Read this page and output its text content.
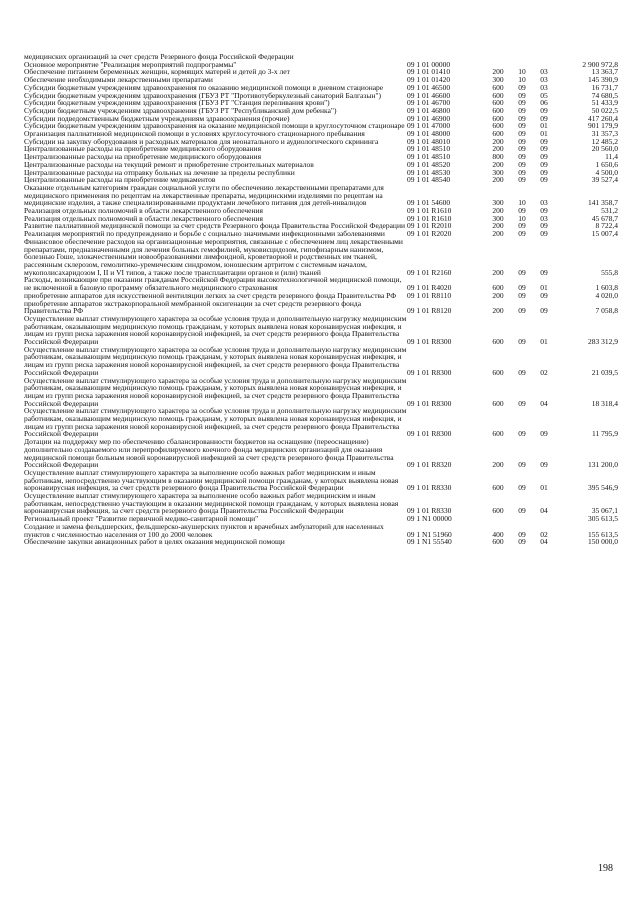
медицинских организаций за счет средств Резервного фонда Российской Федерации					
Основное мероприятие "Реализация мероприятий подпрограммы"	09 1 01 00000				2 900 972,8
Обеспечение питанием беременных женщин, кормящих матерей и детей до 3-х лет	09 1 01 01410	200	10	03	13 363,7
Обеспечение необходимыми лекарственными препаратами	09 1 01 01420	300	10	03	145 390,9
Субсидии бюджетным учреждениям здравоохранения по оказанию медицинской помощи в дневном стационаре	09 1 01 46500	600	09	03	16 731,7
Субсидии бюджетным учреждениям здравоохранения (ГБУЗ РТ "Противотуберкулезный санаторий Балгазын")	09 1 01 46600	600	09	05	74 680,5
Субсидии бюджетным учреждениям здравоохранения (ГБУЗ РТ "Станция переливания крови")	09 1 01 46700	600	09	06	51 433,9
Субсидии бюджетным учреждениям здравоохранения (ГБУЗ РТ "Республиканский дом ребенка")	09 1 01 46800	600	09	09	50 022,5
Субсидии подведомственным бюджетным учреждениям здравоохранения (прочие)	09 1 01 46900	600	09	09	417 260,4
Субсидии бюджетным учреждениям здравоохранения на оказание медицинской помощи в круглосуточном стационаре	09 1 01 47000	600	09	01	901 179,9
Организация паллиативной медицинской помощи в условиях круглосуточного стационарного пребывания	09 1 01 48000	600	09	01	31 357,3
Субсидии на закупку оборудования и расходных материалов для неонатального и аудиологического скрининга	09 1 01 48010	200	09	09	12 485,2
Централизованные расходы на приобретение медицинского оборудования	09 1 01 48510	200	09	09	20 560,0
Централизованные расходы на приобретение медицинского оборудования	09 1 01 48510	800	09	09	11,4
Централизованные расходы на текущий ремонт и приобретение строительных материалов	09 1 01 48520	200	09	09	1 650,6
Централизованные расходы на отправку больных на лечение за пределы республики	09 1 01 48530	300	09	09	4 500,0
Централизованные расходы на приобретение медикаментов	09 1 01 48540	200	09	09	39 527,4
Оказание отдельным категориям граждан социальной услуги по обеспечению лекарственными препаратами для медицинского применения по рецептам на лекарственные препараты, медицинскими изделиями по рецептам на медицинские изделия, а также специализированными продуктами лечебного питания для детей-инвалидов	09 1 01 54600	300	10	03	141 358,7
Реализация отдельных полномочий в области лекарственного обеспечения	09 1 01 R1610	200	09	09	531,2
Реализация отдельных полномочий в области лекарственного обеспечения	09 1 01 R1610	300	10	03	45 678,7
Развитие паллиативной медицинской помощи за счет средств Резервного фонда Правительства Российской Федерации	09 1 01 R2010	200	09	09	8 722,4
Реализация мероприятий по предупреждению и борьбе с социально значимыми инфекционными заболеваниями	09 1 01 R2020	200	09	09	15 007,4
Финансовое обеспечение расходов на организационные мероприятия, связанные с обеспечением лиц лекарственными препаратами, предназначенными для лечения больных гемофилией, муковисцидозом, гипофизарным нанизмом, болезнью Гоше, злокачественными новообразованиями лимфоидной, кроветворной и родственных им тканей, рассеянным склерозом, гемолитико-уремическим синдромом, юношеским артритом с системным началом, мукополисахаридозом I, II и VI типов, а также после трансплантации органов и (или) тканей	09 1 01 R2160	200	09	09	555,8
Расходы, возникающие при оказании гражданам Российской Федерации высокотехнологичной медицинской помощи, не включенной в базовую программу обязательного медицинского страхования	09 1 01 R4020	600	09	01	1 603,8
приобретение аппаратов для искусственной вентиляции легких за счет средств резервного фонда Правительства РФ	09 1 01 R8110	200	09	09	4 020,0
приобретение аппаратов экстракорпоральной мембранной оксигенации за счет средств резервного фонда Правительства РФ	09 1 01 R8120	200	09	09	7 058,8
Осуществление выплат стимулирующего характера за особые условия труда и дополнительную нагрузку медицинским работникам, оказывающим медицинскую помощь гражданам, у которых выявлена новая коронавирусная инфекция, и лицам из групп риска заражения новой коронавирусной инфекцией, за счет средств резервного фонда Правительства Российской Федерации	09 1 01 R8300	600	09	01	283 312,9
Осуществление выплат стимулирующего характера за особые условия труда и дополнительную нагрузку медицинским работникам, оказывающим медицинскую помощь гражданам, у которых выявлена новая коронавирусная инфекция, и лицам из групп риска заражения новой коронавирусной инфекцией, за счет средств резервного фонда Правительства Российской Федерации	09 1 01 R8300	600	09	02	21 039,5
Осуществление выплат стимулирующего характера за особые условия труда и дополнительную нагрузку медицинским работникам, оказывающим медицинскую помощь гражданам, у которых выявлена новая коронавирусная инфекция, и лицам из групп риска заражения новой коронавирусной инфекцией, за счет средств резервного фонда Правительства Российской Федерации	09 1 01 R8300	600	09	04	18 318,4
Осуществление выплат стимулирующего характера за особые условия труда и дополнительную нагрузку медицинским работникам, оказывающим медицинскую помощь гражданам, у которых выявлена новая коронавирусная инфекция, и лицам из групп риска заражения новой коронавирусной инфекцией, за счет средств резервного фонда Правительства Российской Федерации	09 1 01 R8300	600	09	09	11 795,9
Дотации на поддержку мер по обеспечению сбалансированности бюджетов на оснащение (переоснащение) дополнительно создаваемого или перепрофилируемого коечного фонда медицинских организаций для оказания медицинской помощи больным новой коронавирусной инфекцией за счет средств резервного фонда Правительства Российской Федерации	09 1 01 R8320	200	09	09	131 200,0
Осуществление выплат стимулирующего характера за выполнение особо важных работ медицинским и иным работникам, непосредственно участвующим в оказании медицинской помощи гражданам, у которых выявлена новая коронавирусная инфекция, за счет средств резервного фонда Правительства Российской Федерации	09 1 01 R8330	600	09	01	395 546,9
Осуществление выплат стимулирующего характера за выполнение особо важных работ медицинским и иным работникам, непосредственно участвующим в оказании медицинской помощи гражданам, у которых выявлена новая коронавирусная инфекция, за счет средств резервного фонда Правительства Российской Федерации	09 1 01 R8330	600	09	04	35 067,1
Региональный проект "Развитие первичной медико-санитарной помощи"	09 1 N1 00000				305 613,5
Создание и замена фельдшерских, фельдшерско-акушерских пунктов и врачебных амбулаторий для населенных пунктов с численностью населения от 100 до 2000 человек	09 1 N1 51960	400	09	02	155 613,5
Обеспечение закупки авиационных работ в целях оказания медицинской помощи	09 1 N1 55540	600	09	04	150 000,0
198
